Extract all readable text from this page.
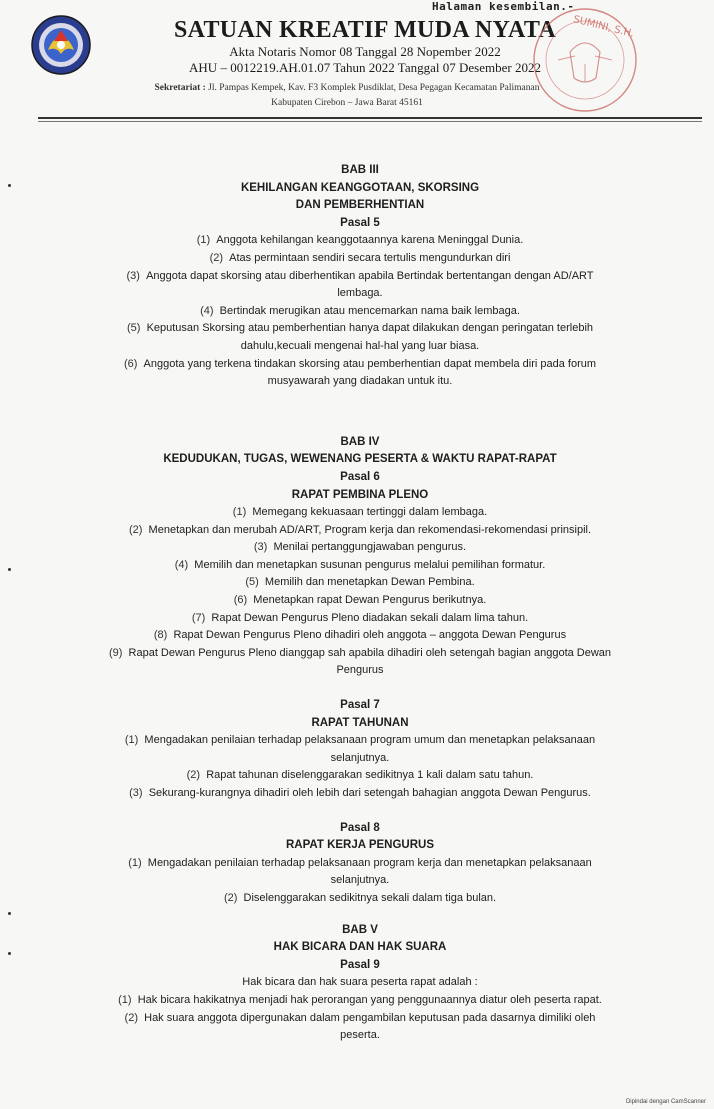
Halaman kesembilan.-
SATUAN KREATIF MUDA NYATA
Akta Notaris Nomor 08 Tanggal 28 Nopember 2022
AHU – 0012219.AH.01.07 Tahun 2022 Tanggal 07 Desember 2022
Sekretariat : Jl. Pampas Kempek, Kav. F3 Komplek Pusdiklat, Desa Pegagan Kecamatan Palimanan
Kabupaten Cirebon – Jawa Barat 45161
SUMINI, S.H.
BAB III
KEHILANGAN KEANGGOTAAN, SKORSING
DAN PEMBERHENTIAN
Pasal 5
(1) Anggota kehilangan keanggotaannya karena Meninggal Dunia.
(2) Atas permintaan sendiri secara tertulis mengundurkan diri
(3) Anggota dapat skorsing atau diberhentikan apabila Bertindak bertentangan dengan AD/ART
lembaga.
(4) Bertindak merugikan atau mencemarkan nama baik lembaga.
(5) Keputusan Skorsing atau pemberhentian hanya dapat dilakukan dengan peringatan terlebih
dahulu,kecuali mengenai hal-hal yang luar biasa.
(6) Anggota yang terkena tindakan skorsing atau pemberhentian dapat membela diri pada forum
musyawarah yang diadakan untuk itu.
BAB IV
KEDUDUKAN, TUGAS, WEWENANG PESERTA & WAKTU RAPAT-RAPAT
Pasal 6
RAPAT PEMBINA PLENO
(1) Memegang kekuasaan tertinggi dalam lembaga.
(2) Menetapkan dan merubah AD/ART, Program kerja dan rekomendasi-rekomendasi prinsipil.
(3) Menilai pertanggungjawaban pengurus.
(4) Memilih dan menetapkan susunan pengurus melalui pemilihan formatur.
(5) Memilih dan menetapkan Dewan Pembina.
(6) Menetapkan rapat Dewan Pengurus berikutnya.
(7) Rapat Dewan Pengurus Pleno diadakan sekali dalam lima tahun.
(8) Rapat Dewan Pengurus Pleno dihadiri oleh anggota – anggota Dewan Pengurus
(9) Rapat Dewan Pengurus Pleno dianggap sah apabila dihadiri oleh setengah bagian anggota Dewan
Pengurus
Pasal 7
RAPAT TAHUNAN
(1) Mengadakan penilaian terhadap pelaksanaan program umum dan menetapkan pelaksanaan
selanjutnya.
(2) Rapat tahunan diselenggarakan sedikitnya 1 kali dalam satu tahun.
(3) Sekurang-kurangnya dihadiri oleh lebih dari setengah bahagian anggota Dewan Pengurus.
Pasal 8
RAPAT KERJA PENGURUS
(1) Mengadakan penilaian terhadap pelaksanaan program kerja dan menetapkan pelaksanaan
selanjutnya.
(2) Diselenggarakan sedikitnya sekali dalam tiga bulan.
BAB V
HAK BICARA DAN HAK SUARA
Pasal 9
Hak bicara dan hak suara peserta rapat adalah :
(1) Hak bicara hakikatnya menjadi hak perorangan yang penggunaannya diatur oleh peserta rapat.
(2) Hak suara anggota dipergunakan dalam pengambilan keputusan pada dasarnya dimiliki oleh
peserta.
Dipindai dengan CamScanner
